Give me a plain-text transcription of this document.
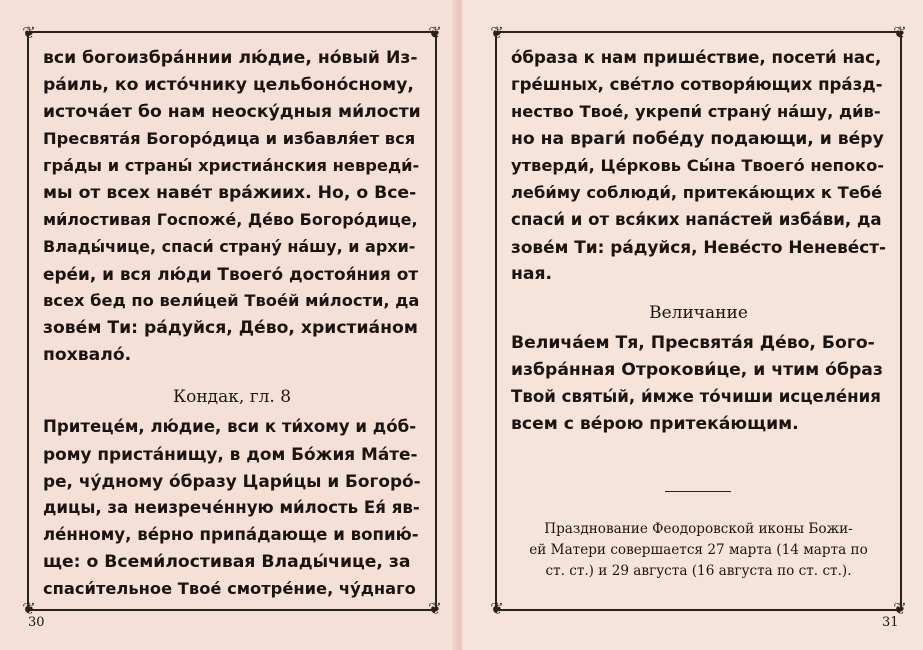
❦	❦
❦	❦
вси богоизбра́ннии лю́дие, но́вый Из-
ра́иль, ко исто́чнику цельбоно́сному,
источа́ет бо нам неоску́дныя ми́лости
Пресвята́я Богоро́дица и избавля́ет вся
гра́ды и страны́ христиа́нския невреди́-
мы от всех наве́т вра́жиих. Но, о Все-
ми́лостивая Госпоже́, Де́во Богоро́дице,
Влады́чице, спаси́ страну́ на́шу, и архи-
ере́и, и вся лю́ди Твоего́ достоя́ния от
всех бед по вели́цей Твое́й ми́лости, да
зове́м Ти: ра́дуйся, Де́во, христиа́ном
похвало́.
Кондак, гл. 8
Притеце́м, лю́дие, вси к ти́хому и до́б-
рому приста́нищу, в дом Бо́жия Ма́те-
ре, чу́дному о́бразу Цари́цы и Богоро́-
дицы, за неизрече́нную ми́лость Ея́ яв-
ле́нному, ве́рно припа́дающе и вопию́-
ще: о Всеми́лостивая Влады́чице, за
спаси́тельное Твое́ смотре́ние, чу́днаго
30
❦	❦
❦	❦
о́браза к нам прише́ствие, посети́ нас,
гре́шных, све́тло сотворя́ющих пра́зд-
нество Твое́, укрепи́ страну́ на́шу, ди́в-
но на враги́ побе́ду подающи, и ве́ру
утверди́, Це́рковь Сы́на Твоего́ непоко-
леби́му соблюди́, притека́ющих к Тебе́
спаси́ и от вся́ких напа́стей изба́ви, да
зове́м Ти: ра́дуйся, Неве́сто Неневе́ст-
ная.
Величание
Велича́ем Тя, Пресвята́я Де́во, Бого-
избра́нная Отрокови́це, и чтим о́браз
Твой святы́й, и́мже то́чиши исцеле́ния
всем с ве́рою притека́ющим.
Празднование Феодоровской иконы Божи-
ей Матери совершается 27 марта (14 марта по
ст. ст.) и 29 августа (16 августа по ст. ст.).
31
